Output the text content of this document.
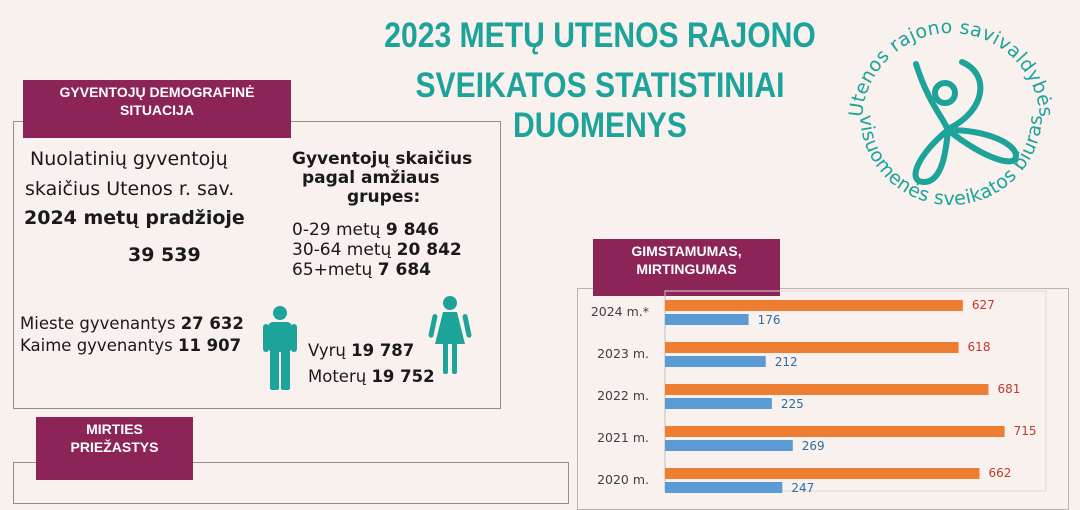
2023 METŲ UTENOS RAJONO
SVEIKATOS STATISTINIAI DUOMENYS	Utenos rajono savivaldybės
visuomenės sveikatos biuras
GYVENTOJŲ DEMOGRAFINĖ
SITUACIJA
Nuolatinių gyventojų
skaičius Utenos r. sav.
2024 metų pradžioje
39 539
Gyventojų skaičius
pagal amžiaus
grupes:
0-29 metų 9 846
30-64 metų 20 842
65+metų 7 684
Mieste gyvenantys 27 632
Kaime gyvenantys 11 907	Vyrų 19 787
Moterų 19 752
MIRTIES
PRIEŽASTYS
GIMSTAMUMAS,
MIRTINGUMAS
627
176
2024 m.*
618
212
2023 m.
681
225
2022 m.
715
269
2021 m.
662
247
2020 m.
